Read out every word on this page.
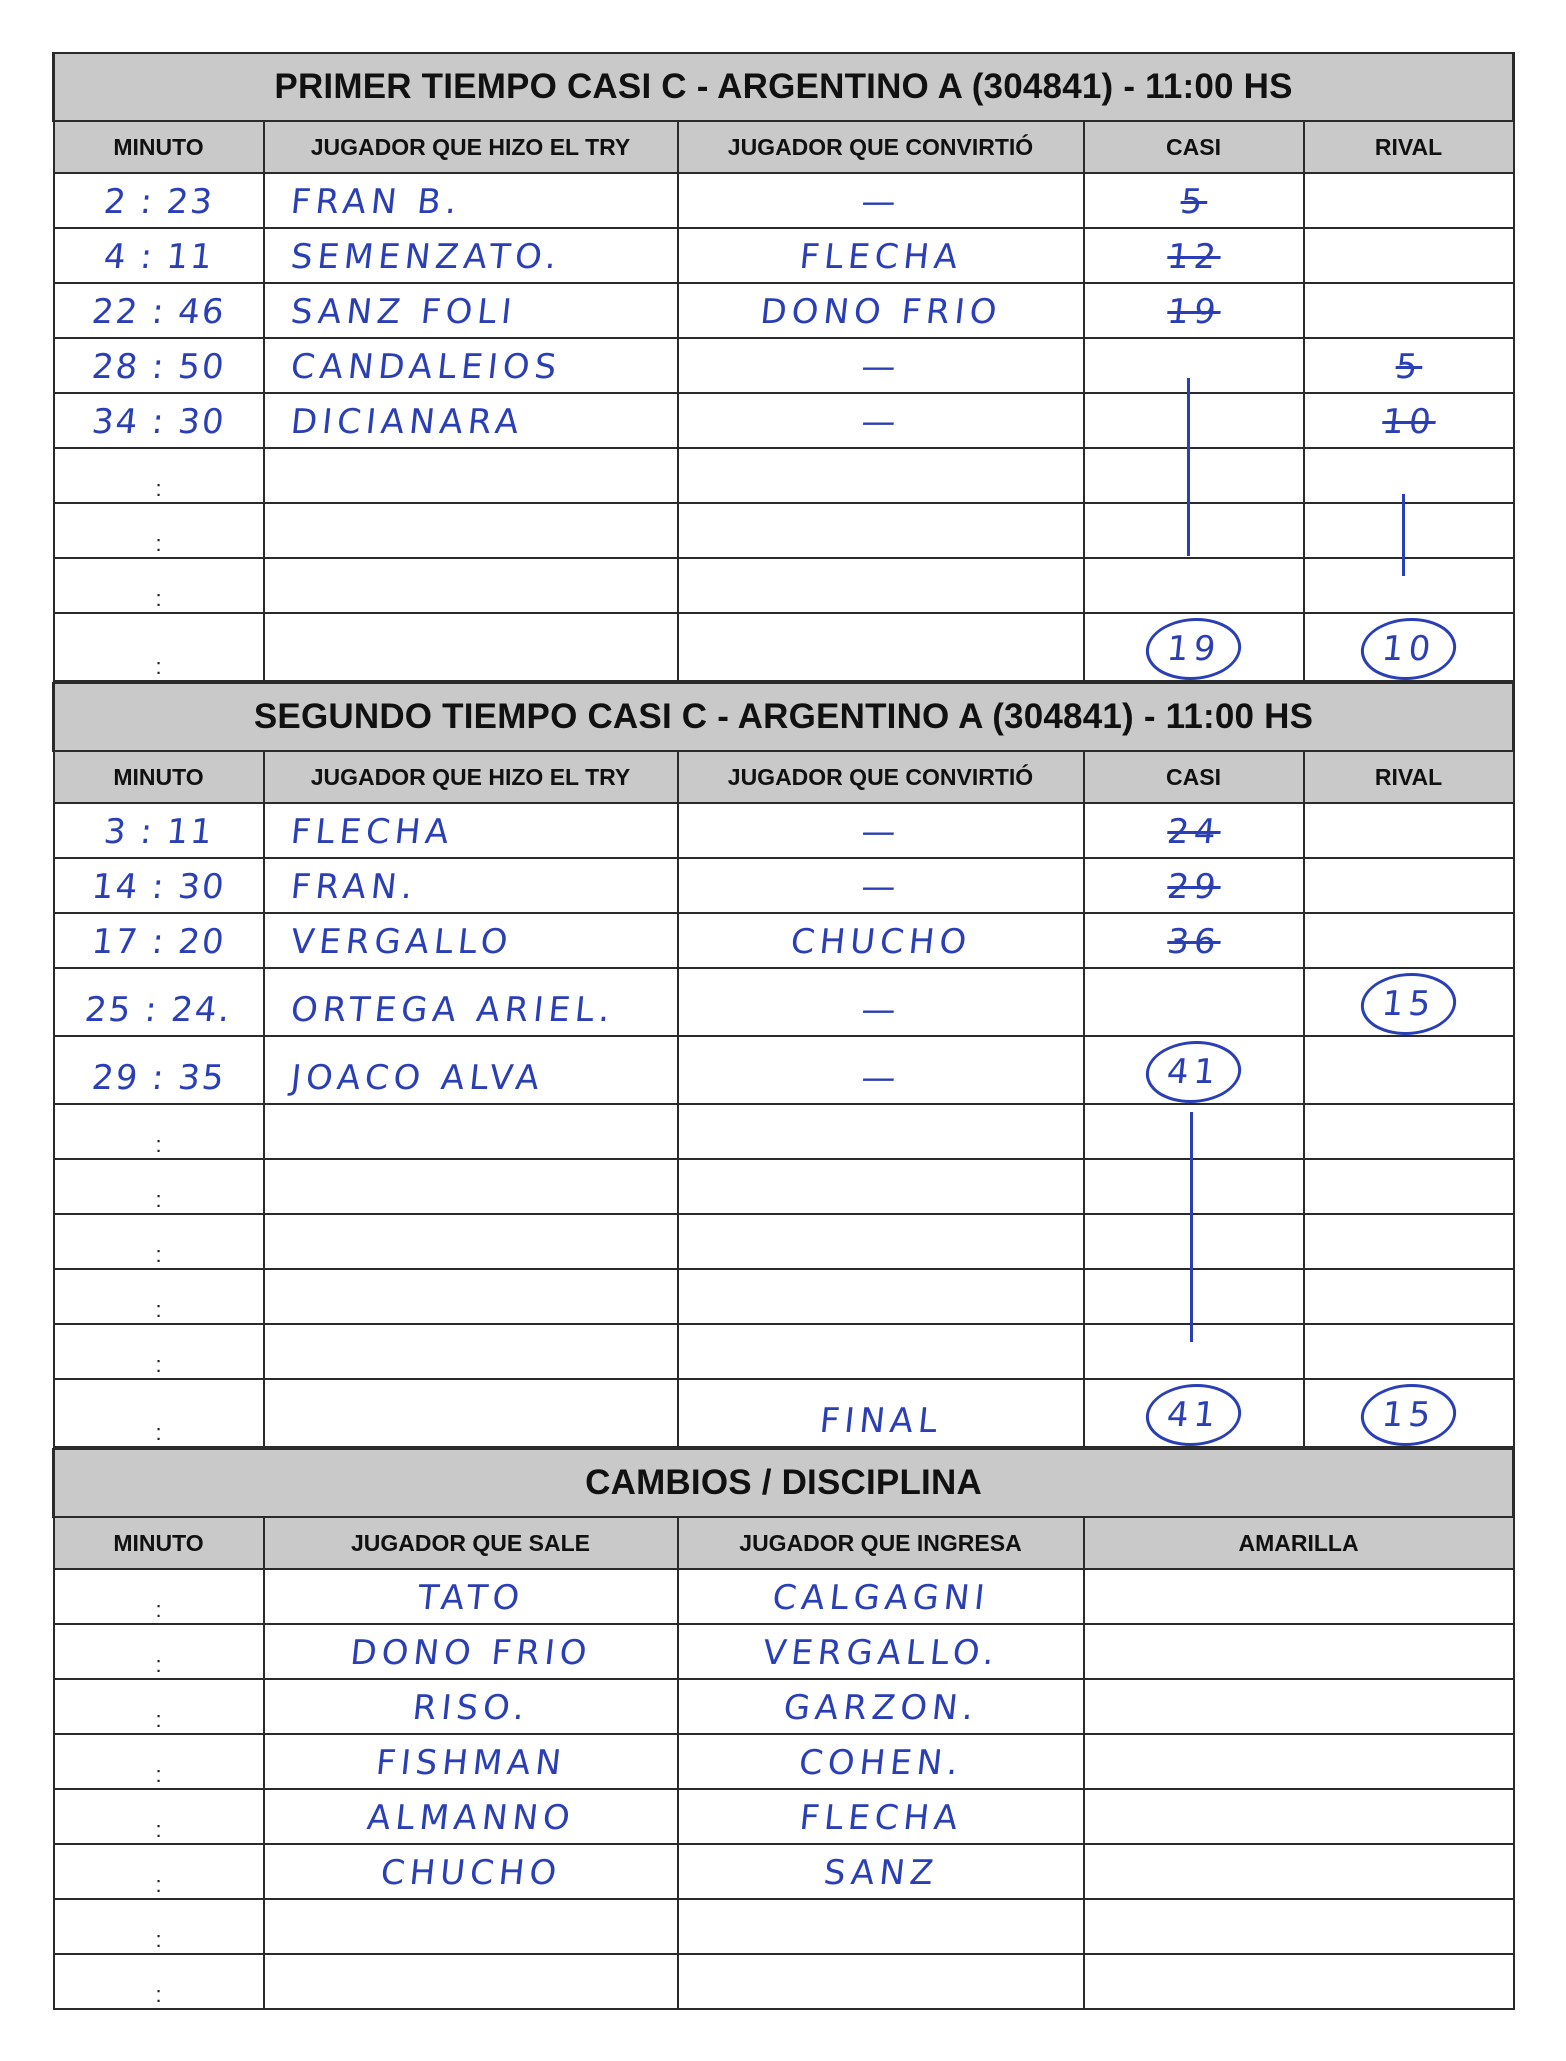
PRIMER TIEMPO CASI C - ARGENTINO A (304841) - 11:00 HS				
MINUTO	JUGADOR QUE HIZO EL TRY	JUGADOR QUE CONVIRTIÓ	CASI	RIVAL
2 : 23	FRAN B.	—	5	

4 : 11	SEMENZATO.	FLECHA	12	

22 : 46	SANZ FOLI	DONO FRIO	19	

28 : 50	CANDALEIOS	—		5

34 : 30	DICIANARA	—		10

:		

:		

:		

:			19	10
SEGUNDO TIEMPO CASI C - ARGENTINO A (304841) - 11:00 HS				
MINUTO	JUGADOR QUE HIZO EL TRY	JUGADOR QUE CONVIRTIÓ	CASI	RIVAL
3 : 11	FLECHA	—	24	

14 : 30	FRAN.	—	29	

17 : 20	VERGALLO	CHUCHO	36	

25 : 24.	ORTEGA ARIEL.	—		15
29 : 35	JOACO ALVA	—	41	

:		

:		

:		

:		

:		

:		FINAL	41	15
CAMBIOS / DISCIPLINA			
MINUTO	JUGADOR QUE SALE	JUGADOR QUE INGRESA	AMARILLA
:	TATO	CALGAGNI	

:	DONO FRIO	VERGALLO.	

:	RISO.	GARZON.	

:	FISHMAN	COHEN.	

:	ALMANNO	FLECHA	

:	CHUCHO	SANZ	

:	

:	
